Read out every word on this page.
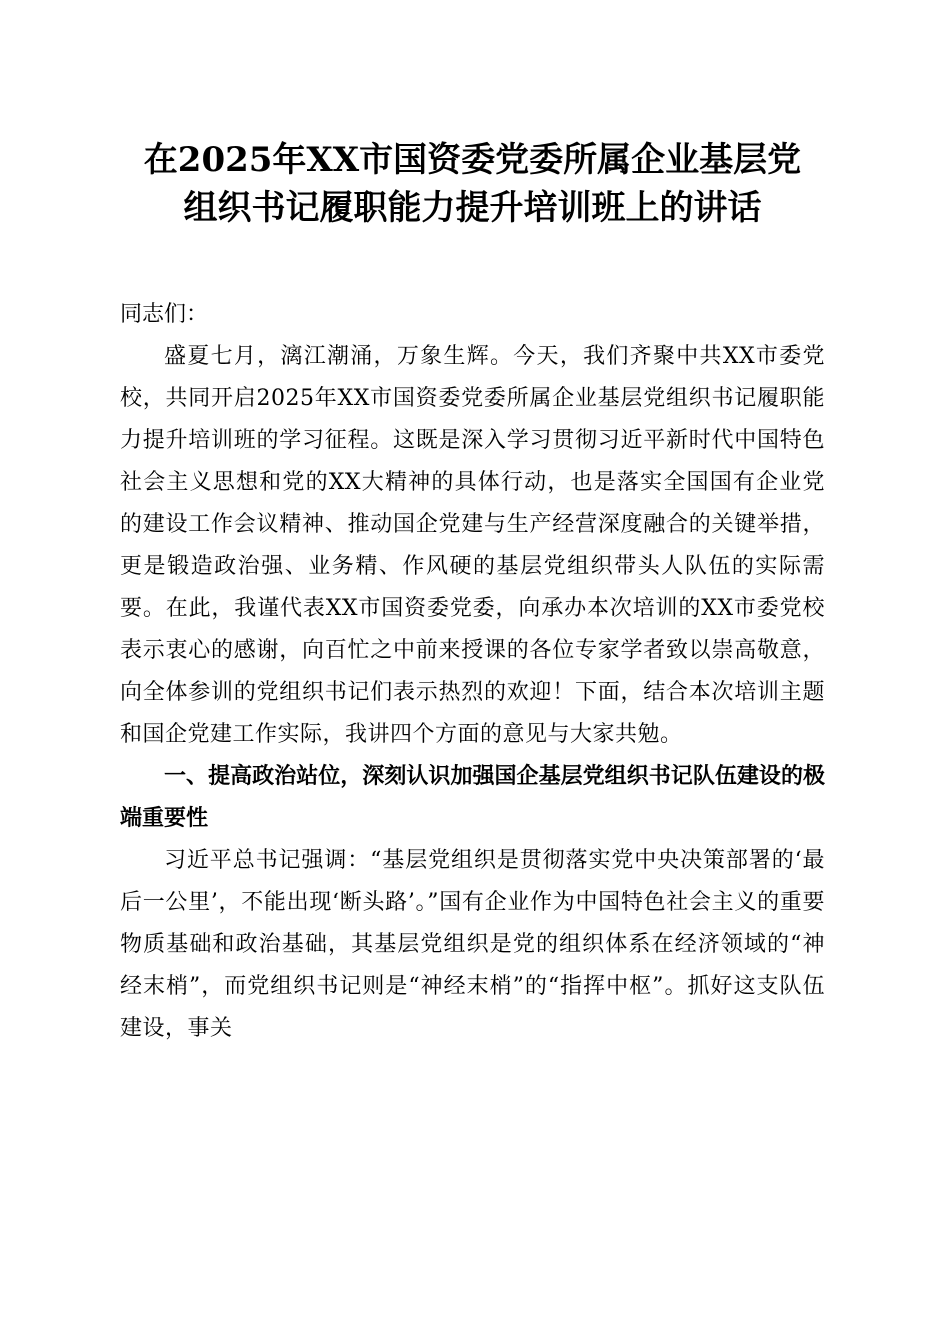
在2025年XX市国资委党委所属企业基层党
组织书记履职能力提升培训班上的讲话

同志们：

盛夏七月，漓江潮涌，万象生辉。今天，我们齐聚中共XX市委党校，共同开启2025年XX市国资委党委所属企业基层党组织书记履职能力提升培训班的学习征程。这既是深入学习贯彻习近平新时代中国特色社会主义思想和党的XX大精神的具体行动，也是落实全国国有企业党的建设工作会议精神、推动国企党建与生产经营深度融合的关键举措，更是锻造政治强、业务精、作风硬的基层党组织带头人队伍的实际需要。在此，我谨代表XX市国资委党委，向承办本次培训的XX市委党校表示衷心的感谢，向百忙之中前来授课的各位专家学者致以崇高敬意，向全体参训的党组织书记们表示热烈的欢迎！下面，结合本次培训主题和国企党建工作实际，我讲四个方面的意见与大家共勉。

一、提高政治站位，深刻认识加强国企基层党组织书记队伍建设的极端重要性

习近平总书记强调：“基层党组织是贯彻落实党中央决策部署的‘最后一公里’，不能出现‘断头路’。”国有企业作为中国特色社会主义的重要物质基础和政治基础，其基层党组织是党的组织体系在经济领域的“神经末梢”，而党组织书记则是“神经末梢”的“指挥中枢”。抓好这支队伍建设，事关
